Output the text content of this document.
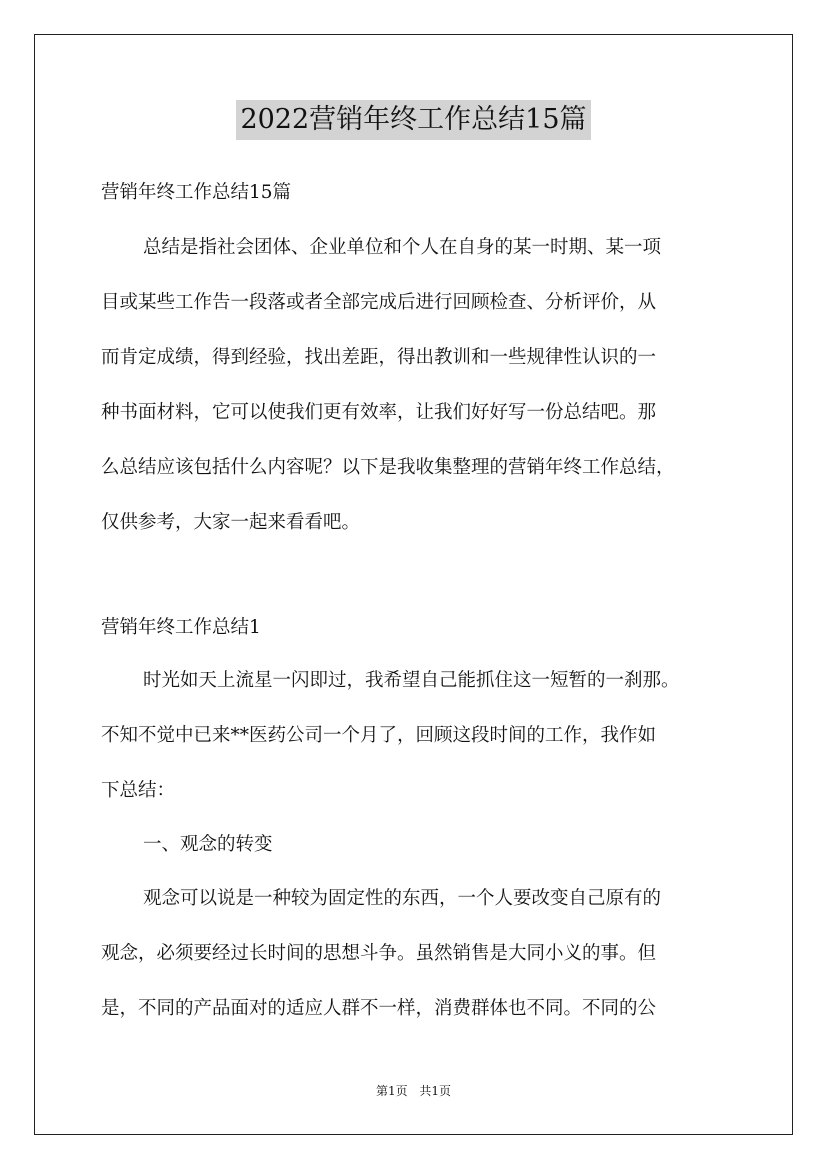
2022营销年终工作总结15篇
营销年终工作总结15篇
总结是指社会团体、企业单位和个人在自身的某一时期、某一项
目或某些工作告一段落或者全部完成后进行回顾检查、分析评价，从
而肯定成绩，得到经验，找出差距，得出教训和一些规律性认识的一
种书面材料，它可以使我们更有效率，让我们好好写一份总结吧。那
么总结应该包括什么内容呢？以下是我收集整理的营销年终工作总结，
仅供参考，大家一起来看看吧。
营销年终工作总结1
时光如天上流星一闪即过，我希望自己能抓住这一短暂的一刹那。
不知不觉中已来**医药公司一个月了，回顾这段时间的工作，我作如
下总结：
一、观念的转变
观念可以说是一种较为固定性的东西，一个人要改变自己原有的
观念，必须要经过长时间的思想斗争。虽然销售是大同小义的事。但
是，不同的产品面对的适应人群不一样，消费群体也不同。不同的公
第1页 共1页
